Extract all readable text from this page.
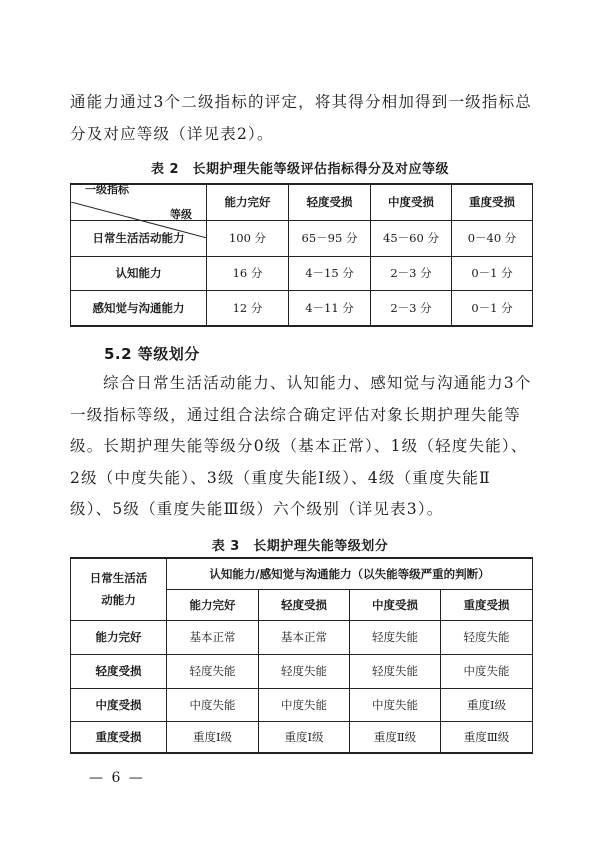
通能力通过3个二级指标的评定，将其得分相加得到一级指标总分及对应等级（详见表2）。

表 2　长期护理失能等级评估指标得分及对应等级
等级
一级指标	能力完好	轻度受损	中度受损	重度受损
日常生活活动能力	100 分	65－95 分	45－60 分	0－40 分
认知能力	16 分	4－15 分	2－3 分	0－1 分
感知觉与沟通能力	12 分	4－11 分	2－3 分	0－1 分
5.2 等级划分

综合日常生活活动能力、认知能力、感知觉与沟通能力3个一级指标等级，通过组合法综合确定评估对象长期护理失能等级。长期护理失能等级分0级（基本正常）、1级（轻度失能）、2级（中度失能）、3级（重度失能Ⅰ级）、4级（重度失能Ⅱ级）、5级（重度失能Ⅲ级）六个级别（详见表3）。

表 3　长期护理失能等级划分
日常生活活动能力	认知能力/感知觉与沟通能力（以失能等级严重的判断）			
	能力完好	轻度受损	中度受损	重度受损
能力完好	基本正常	基本正常	轻度失能	轻度失能
轻度受损	轻度失能	轻度失能	轻度失能	中度失能
中度受损	中度失能	中度失能	中度失能	重度Ⅰ级
重度受损	重度Ⅰ级	重度Ⅰ级	重度Ⅱ级	重度Ⅲ级
— 6 —
